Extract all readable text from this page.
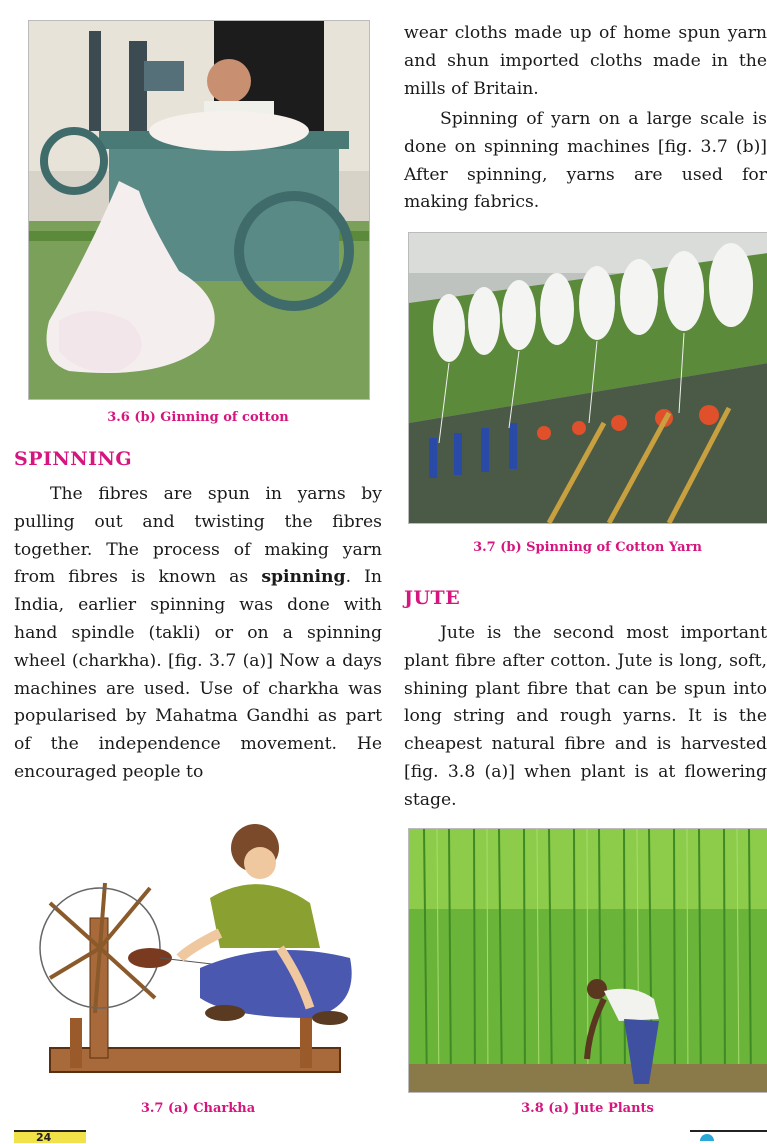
3.6 (b) Ginning of cotton
SPINNING

The fibres are spun in yarns by pulling out and twisting the fibres together. The process of making yarn from fibres is known as spinning. In India, earlier spinning was done with hand spindle (takli) or on a spinning wheel (charkha). [fig. 3.7 (a)] Now a days machines are used. Use of charkha was popularised by Mahatma Gandhi as part of the independence movement. He encouraged people to

3.7 (a) Charkha

wear cloths made up of home spun yarn and shun imported cloths made in the mills of Britain.

Spinning of yarn on a large scale is done on spinning machines [fig. 3.7 (b)] After spinning, yarns are used for making fabrics.

3.7 (b) Spinning of Cotton Yarn
JUTE

Jute is the second most important plant fibre after cotton. Jute is long, soft, shining plant fibre that can be spun into long string and rough yarns. It is the cheapest natural fibre and is harvested [fig. 3.8 (a)] when plant is at flowering stage.

3.8 (a) Jute Plants
24
